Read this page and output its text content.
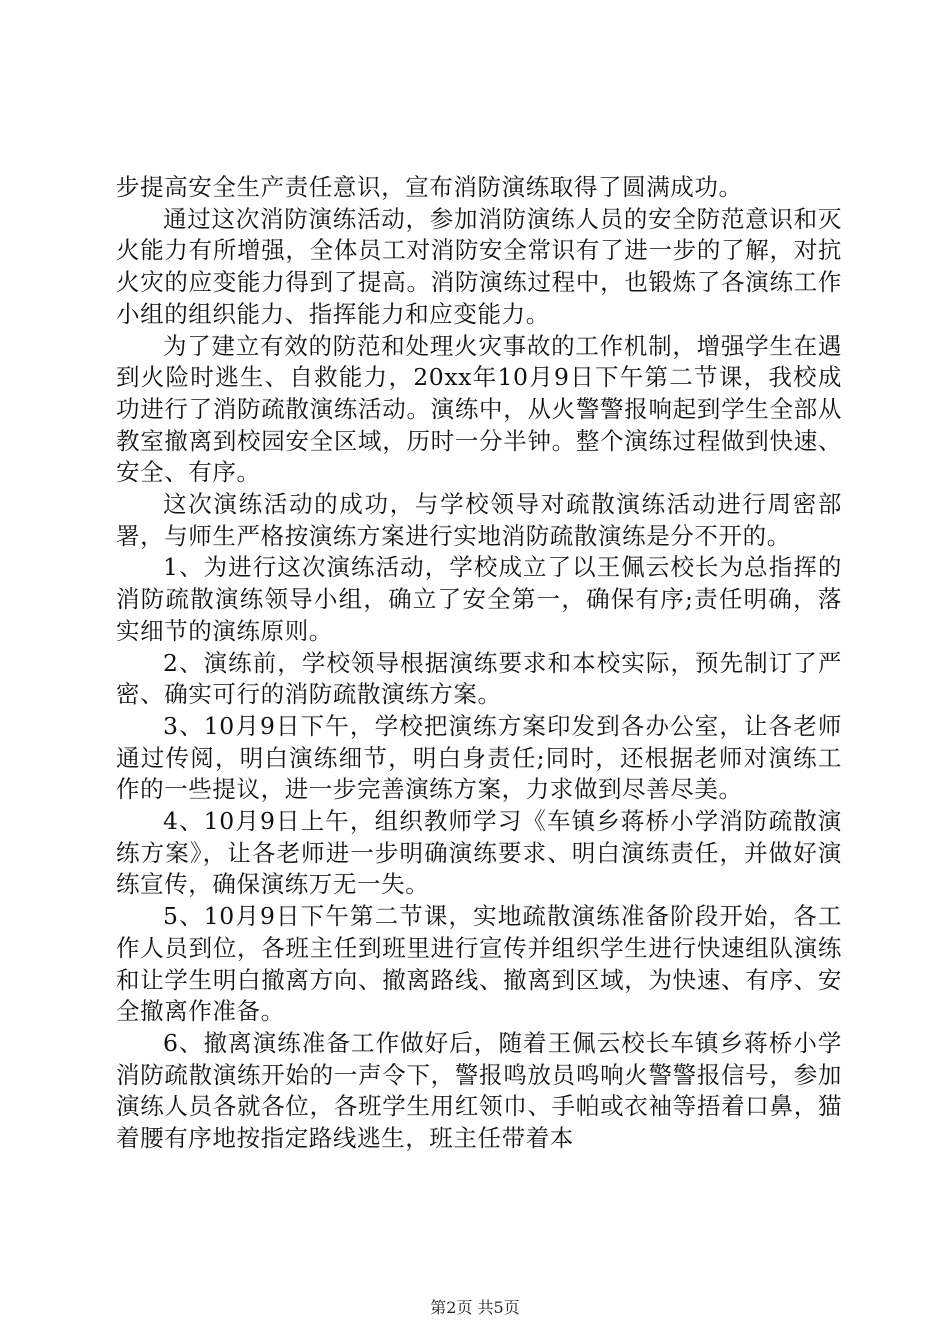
步提高安全生产责任意识，宣布消防演练取得了圆满成功。

通过这次消防演练活动，参加消防演练人员的安全防范意识和灭火能力有所增强，全体员工对消防安全常识有了进一步的了解，对抗火灾的应变能力得到了提高。消防演练过程中，也锻炼了各演练工作小组的组织能力、指挥能力和应变能力。

为了建立有效的防范和处理火灾事故的工作机制，增强学生在遇到火险时逃生、自救能力，20xx年10月9日下午第二节课，我校成功进行了消防疏散演练活动。演练中，从火警警报响起到学生全部从教室撤离到校园安全区域，历时一分半钟。整个演练过程做到快速、安全、有序。

这次演练活动的成功，与学校领导对疏散演练活动进行周密部署，与师生严格按演练方案进行实地消防疏散演练是分不开的。

1、为进行这次演练活动，学校成立了以王佩云校长为总指挥的消防疏散演练领导小组，确立了安全第一，确保有序;责任明确，落实细节的演练原则。

2、演练前，学校领导根据演练要求和本校实际，预先制订了严密、确实可行的消防疏散演练方案。

3、10月9日下午，学校把演练方案印发到各办公室，让各老师通过传阅，明白演练细节，明白身责任;同时，还根据老师对演练工作的一些提议，进一步完善演练方案，力求做到尽善尽美。

4、10月9日上午，组织教师学习《车镇乡蒋桥小学消防疏散演练方案》，让各老师进一步明确演练要求、明白演练责任，并做好演练宣传，确保演练万无一失。

5、10月9日下午第二节课，实地疏散演练准备阶段开始，各工作人员到位，各班主任到班里进行宣传并组织学生进行快速组队演练和让学生明白撤离方向、撤离路线、撤离到区域，为快速、有序、安全撤离作准备。

6、撤离演练准备工作做好后，随着王佩云校长车镇乡蒋桥小学消防疏散演练开始的一声令下，警报鸣放员鸣响火警警报信号，参加演练人员各就各位，各班学生用红领巾、手帕或衣袖等捂着口鼻，猫着腰有序地按指定路线逃生，班主任带着本

第2页 共5页
